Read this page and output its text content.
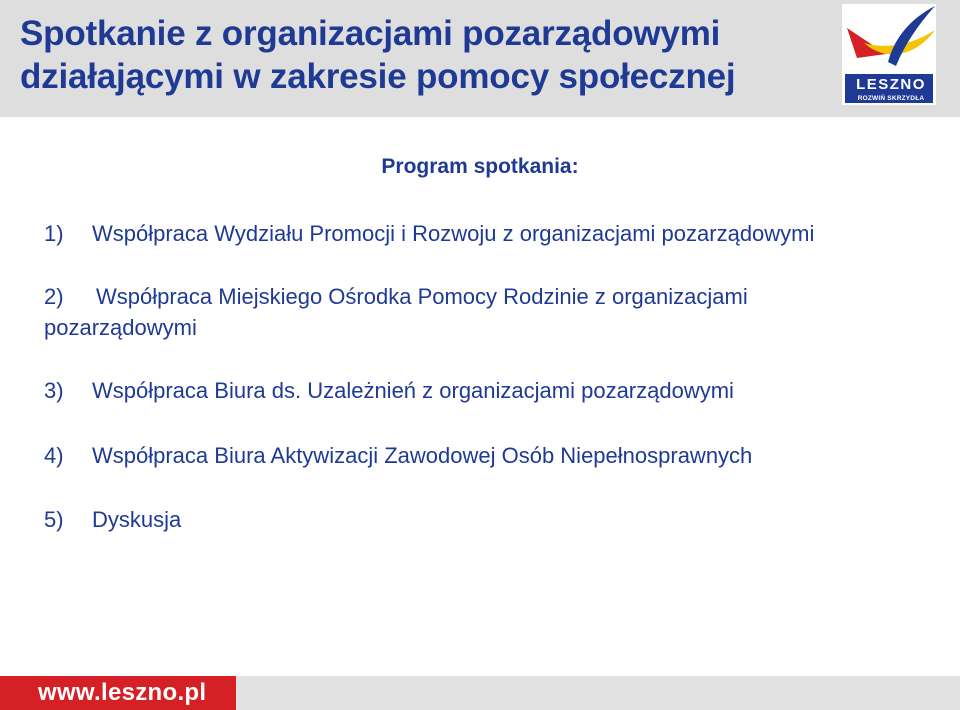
Spotkanie z organizacjami pozarządowymi działającymi w zakresie pomocy społecznej	LESZNO
ROZWIŃ SKRZYDŁA
Program spotkania:
1) Współpraca Wydziału Promocji i Rozwoju z organizacjami pozarządowymi
2) Współpraca Miejskiego Ośrodka Pomocy Rodzinie z organizacjami pozarządowymi
3) Współpraca Biura ds. Uzależnień z organizacjami pozarządowymi
4) Współpraca Biura Aktywizacji Zawodowej Osób Niepełnosprawnych
5) Dyskusja
www.leszno.pl
